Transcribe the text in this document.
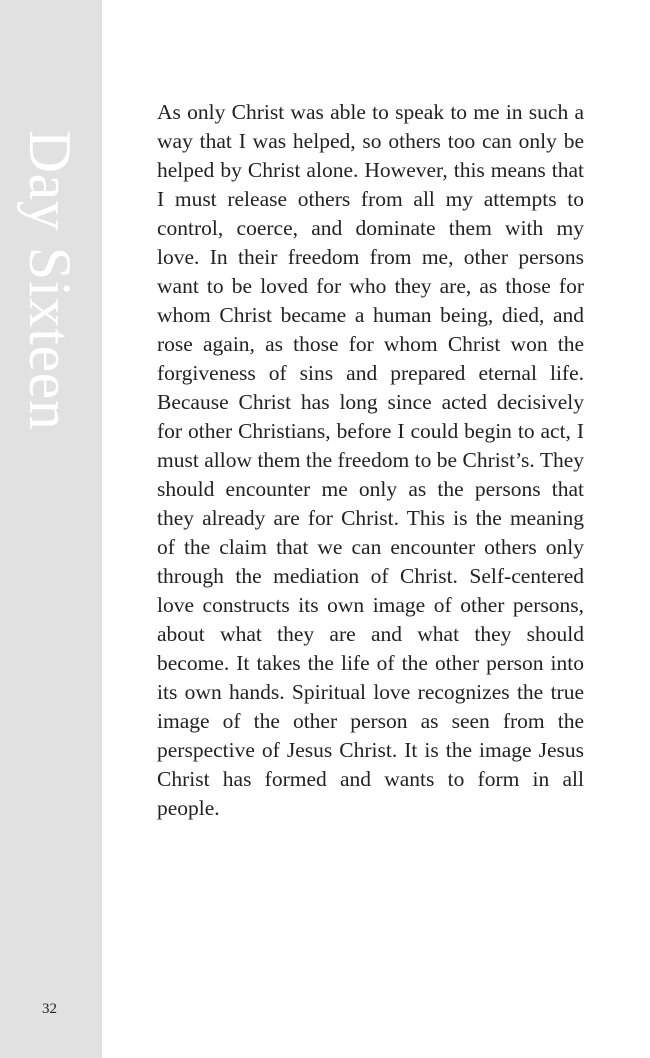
Day Sixteen
32

As only Christ was able to speak to me in such a way that I was helped, so others too can only be helped by Christ alone. However, this means that I must release others from all my attempts to control, coerce, and dominate them with my love. In their freedom from me, other persons want to be loved for who they are, as those for whom Christ became a human being, died, and rose again, as those for whom Christ won the forgiveness of sins and prepared eternal life. Because Christ has long since acted decisively for other Christians, before I could begin to act, I must allow them the freedom to be Christ’s. They should encounter me only as the persons that they already are for Christ. This is the meaning of the claim that we can encounter others only through the mediation of Christ. Self-centered love constructs its own image of other persons, about what they are and what they should become. It takes the life of the other person into its own hands. Spiritual love recognizes the true image of the other person as seen from the perspective of Jesus Christ. It is the image Jesus Christ has formed and wants to form in all people.
